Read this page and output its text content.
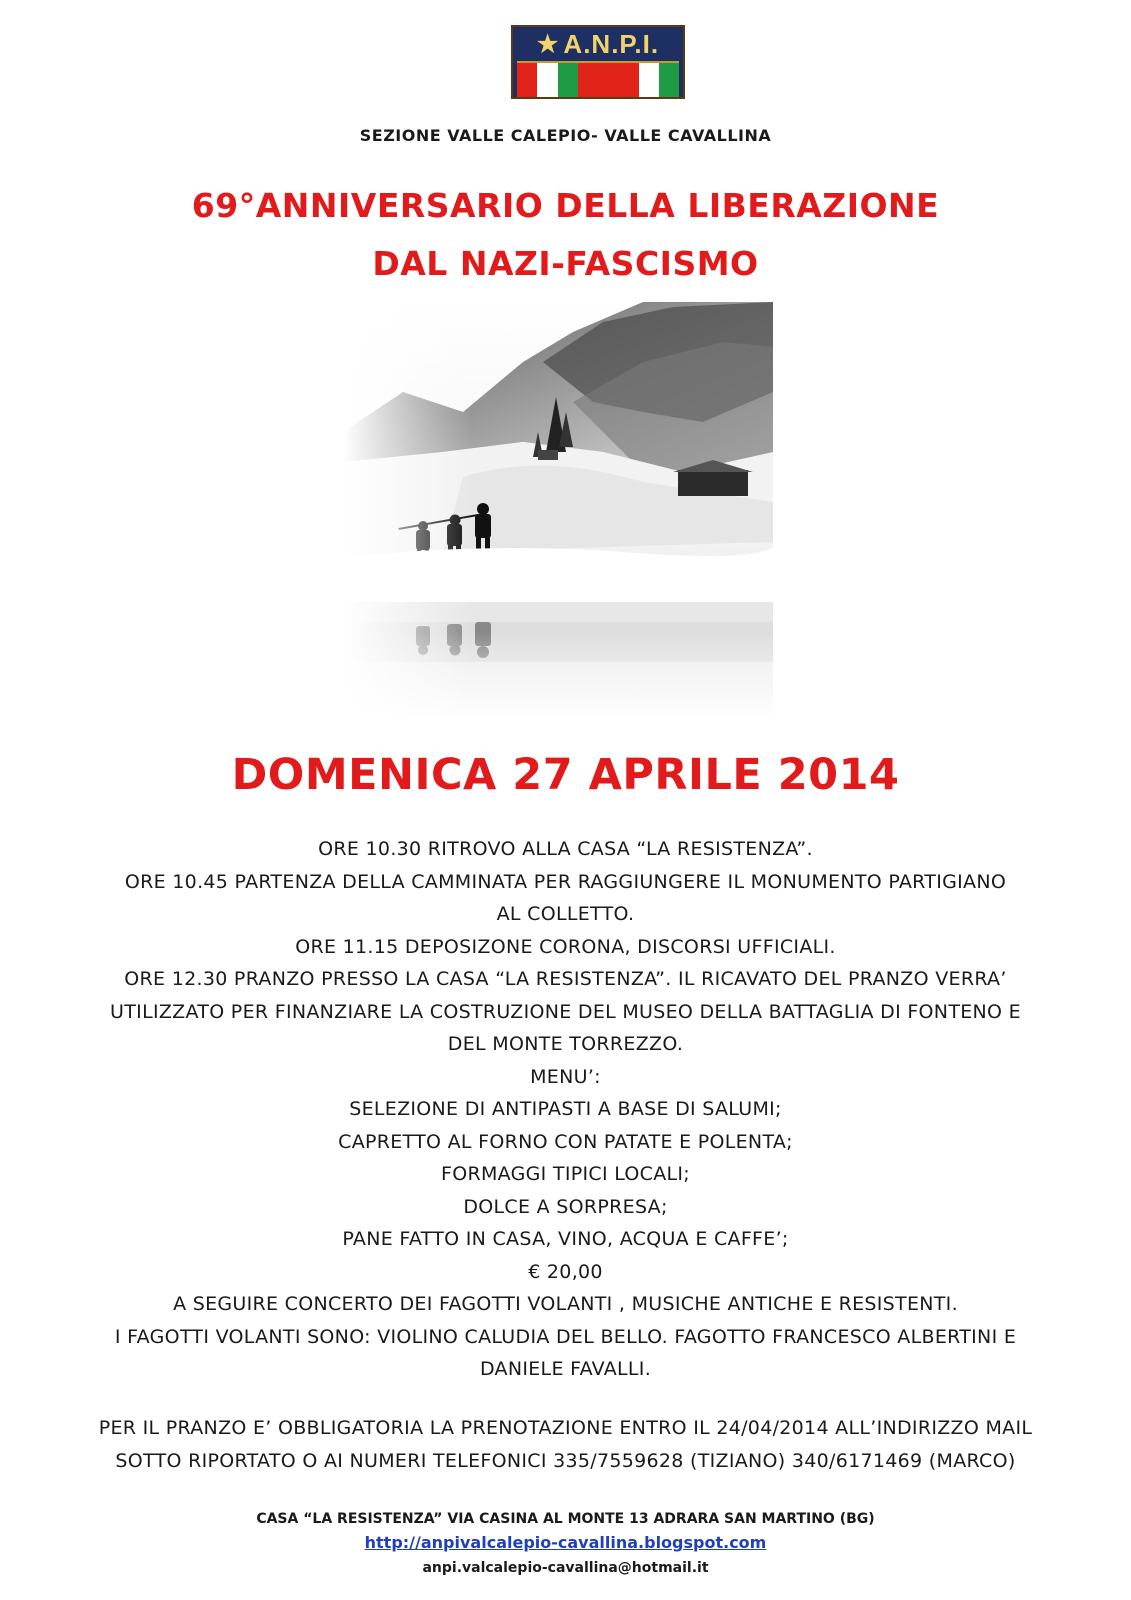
★ A.N.P.I.
SEZIONE VALLE CALEPIO- VALLE CAVALLINA
69°ANNIVERSARIO DELLA LIBERAZIONE
DAL NAZI-FASCISMO
DOMENICA 27 APRILE 2014
ORE 10.30 RITROVO ALLA CASA “LA RESISTENZA”.
ORE 10.45 PARTENZA DELLA CAMMINATA PER RAGGIUNGERE IL MONUMENTO PARTIGIANO
AL COLLETTO.
ORE 11.15 DEPOSIZONE CORONA, DISCORSI UFFICIALI.
ORE 12.30 PRANZO PRESSO LA CASA “LA RESISTENZA”. IL RICAVATO DEL PRANZO VERRA’
UTILIZZATO PER FINANZIARE LA COSTRUZIONE DEL MUSEO DELLA BATTAGLIA DI FONTENO E
DEL MONTE TORREZZO.
MENU’:
SELEZIONE DI ANTIPASTI A BASE DI SALUMI;
CAPRETTO AL FORNO CON PATATE E POLENTA;
FORMAGGI TIPICI LOCALI;
DOLCE A SORPRESA;
PANE FATTO IN CASA, VINO, ACQUA E CAFFE’;
€ 20,00
A SEGUIRE CONCERTO DEI FAGOTTI VOLANTI , MUSICHE ANTICHE E RESISTENTI.
I FAGOTTI VOLANTI SONO: VIOLINO CALUDIA DEL BELLO. FAGOTTO FRANCESCO ALBERTINI E
DANIELE FAVALLI.
PER IL PRANZO E’ OBBLIGATORIA LA PRENOTAZIONE ENTRO IL 24/04/2014 ALL’INDIRIZZO MAIL
SOTTO RIPORTATO O AI NUMERI TELEFONICI 335/7559628 (TIZIANO) 340/6171469 (MARCO)
CASA “LA RESISTENZA” VIA CASINA AL MONTE 13 ADRARA SAN MARTINO (BG)
http://anpivalcalepio-cavallina.blogspot.com
anpi.valcalepio-cavallina@hotmail.it
